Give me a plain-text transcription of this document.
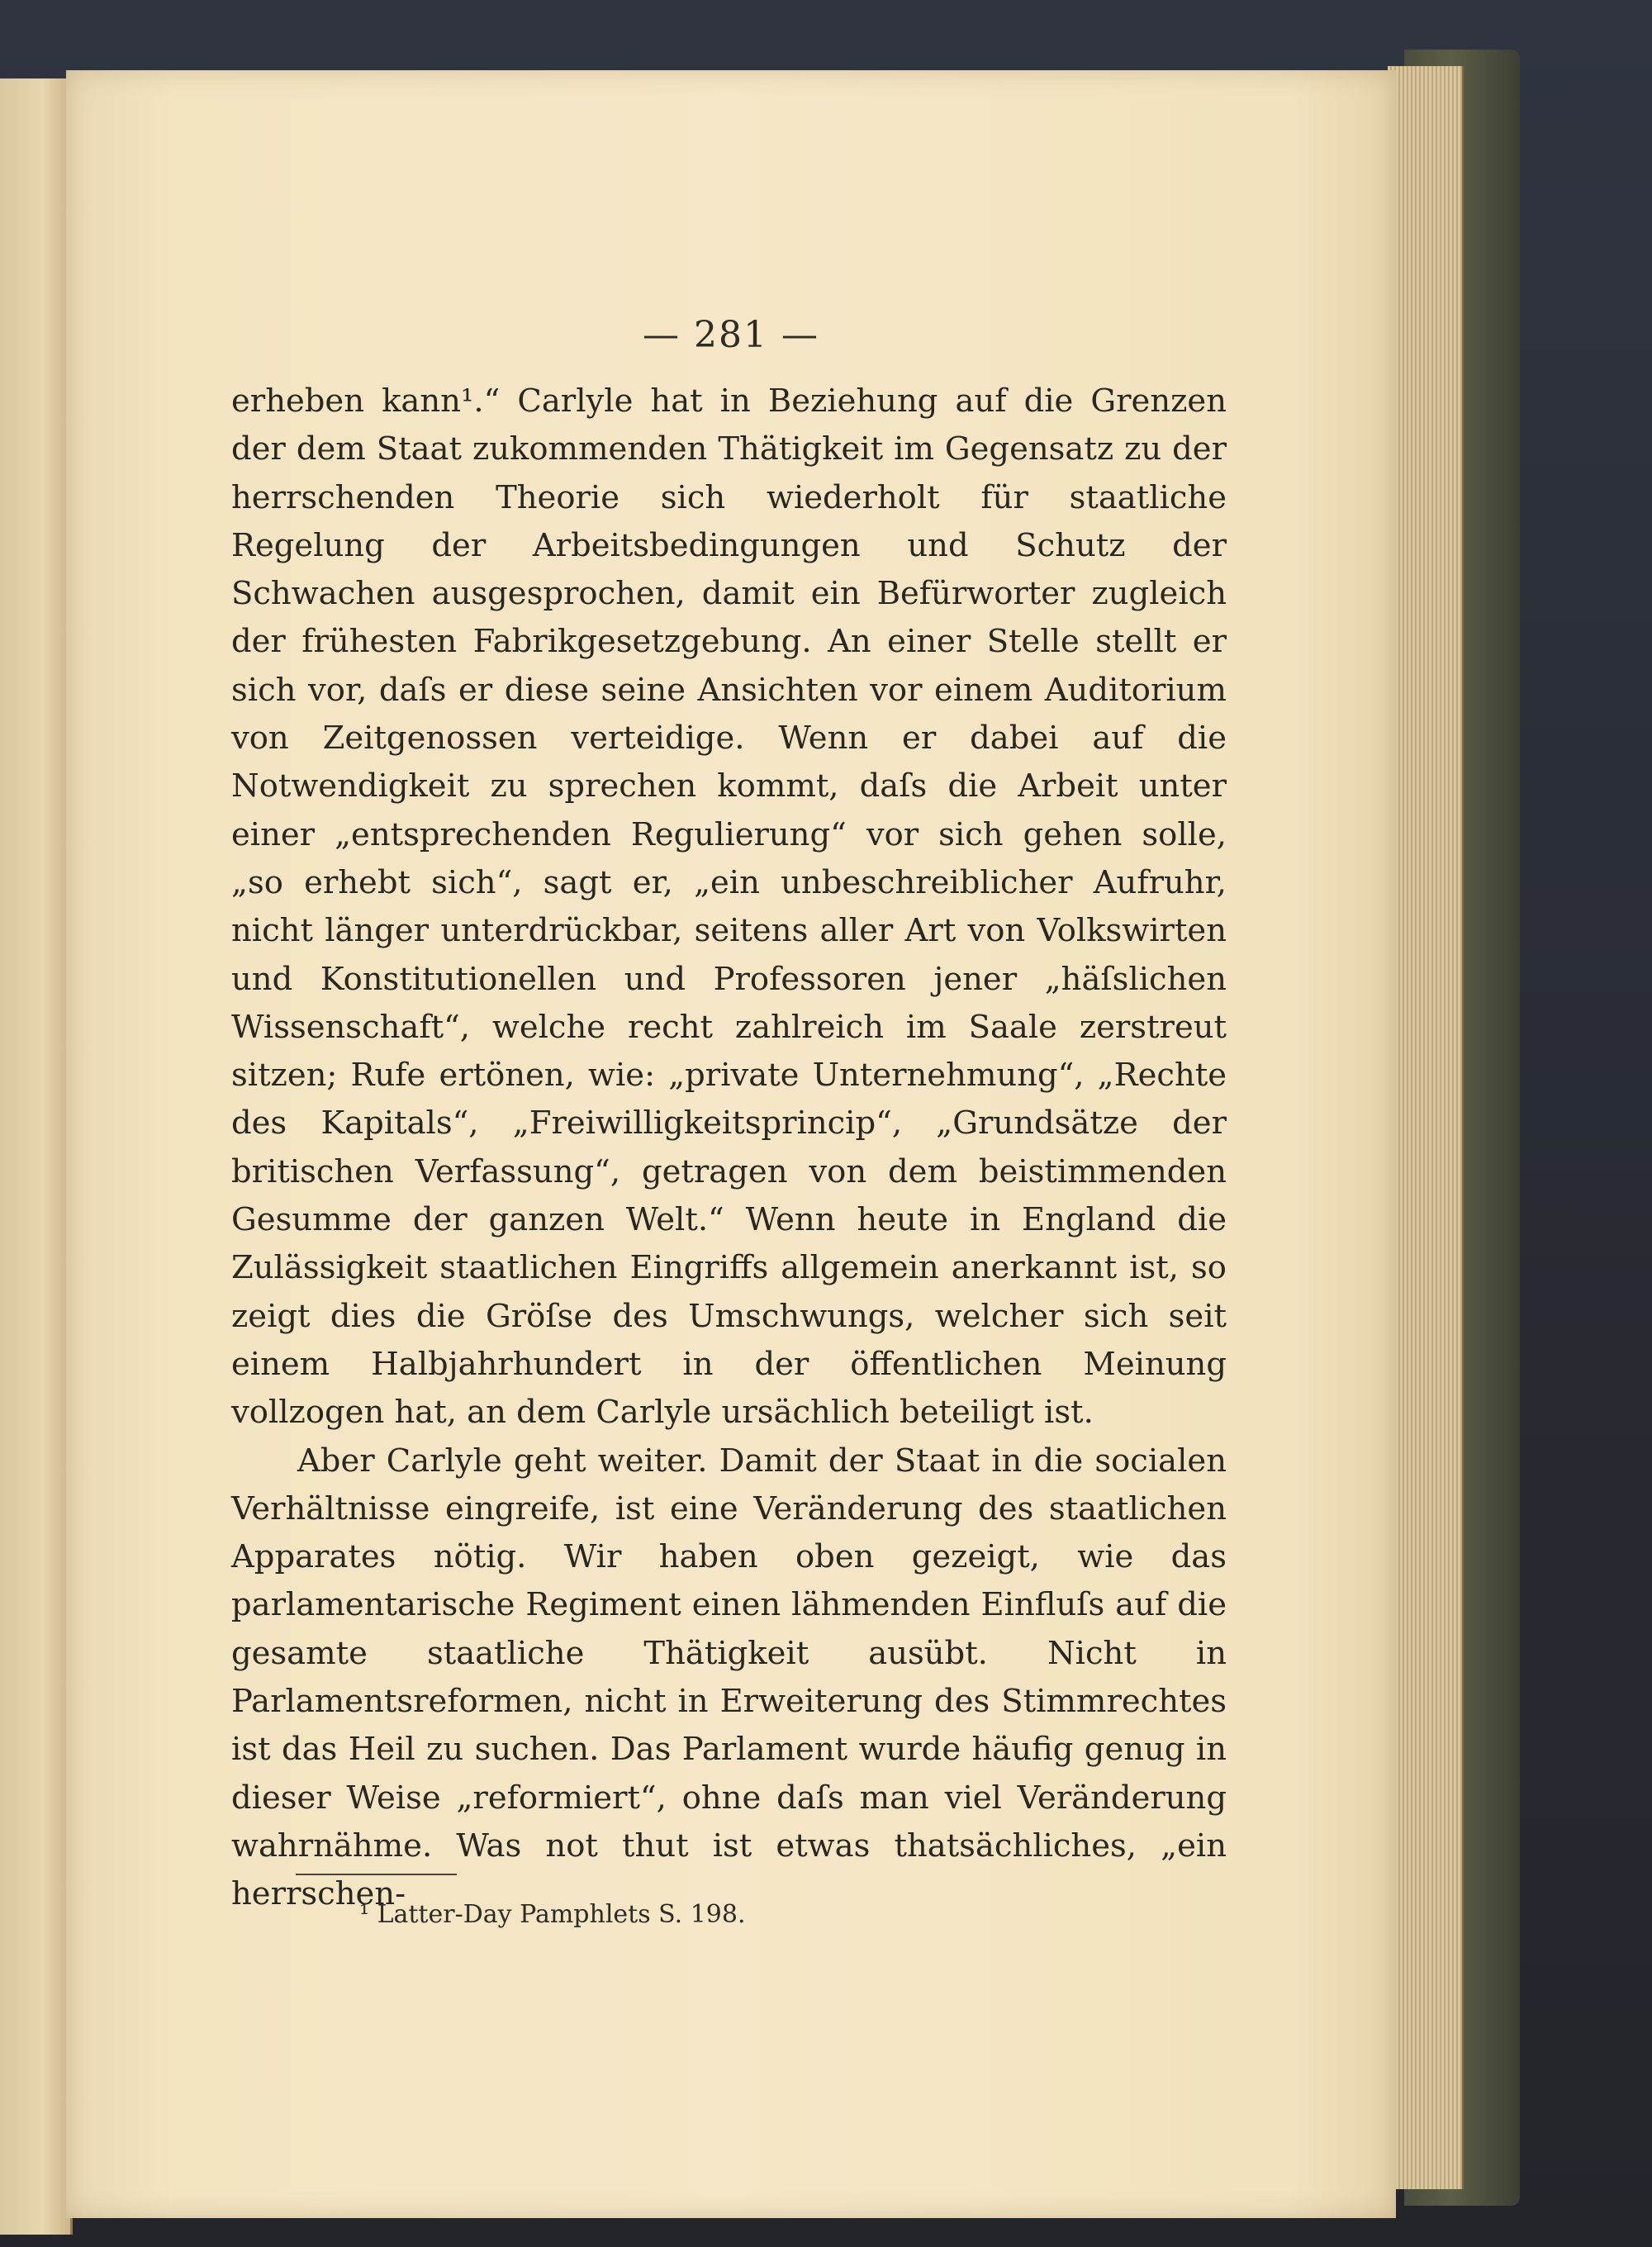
— 281 —

erheben kann¹.“ Carlyle hat in Beziehung auf die Grenzen der dem Staat zukommenden Thätigkeit im Gegensatz zu der herrschenden Theorie sich wiederholt für staatliche Regelung der Arbeitsbedingungen und Schutz der Schwachen ausgesprochen, damit ein Befürworter zugleich der frühesten Fabrikgesetzgebung. An einer Stelle stellt er sich vor, daſs er diese seine Ansichten vor einem Auditorium von Zeitgenossen verteidige. Wenn er dabei auf die Notwendigkeit zu sprechen kommt, daſs die Arbeit unter einer „entsprechenden Regulierung“ vor sich gehen solle, „so erhebt sich“, sagt er, „ein unbeschreiblicher Aufruhr, nicht länger unterdrückbar, seitens aller Art von Volkswirten und Konstitutionellen und Professoren jener „häſslichen Wissenschaft“, welche recht zahlreich im Saale zerstreut sitzen; Rufe ertönen, wie: „private Unternehmung“, „Rechte des Kapitals“, „Freiwilligkeitsprincip“, „Grundsätze der britischen Verfassung“, getragen von dem beistimmenden Gesumme der ganzen Welt.“ Wenn heute in England die Zulässigkeit staatlichen Eingriffs allgemein anerkannt ist, so zeigt dies die Gröſse des Umschwungs, welcher sich seit einem Halbjahrhundert in der öffentlichen Meinung vollzogen hat, an dem Carlyle ursächlich beteiligt ist.

Aber Carlyle geht weiter. Damit der Staat in die socialen Verhältnisse eingreife, ist eine Veränderung des staatlichen Apparates nötig. Wir haben oben gezeigt, wie das parlamentarische Regiment einen lähmenden Einfluſs auf die gesamte staatliche Thätigkeit ausübt. Nicht in Parlamentsreformen, nicht in Erweiterung des Stimmrechtes ist das Heil zu suchen. Das Parlament wurde häufig genug in dieser Weise „reformiert“, ohne daſs man viel Veränderung wahrnähme. Was not thut ist etwas thatsächliches, „ein herrschen-

¹ Latter-Day Pamphlets S. 198.
